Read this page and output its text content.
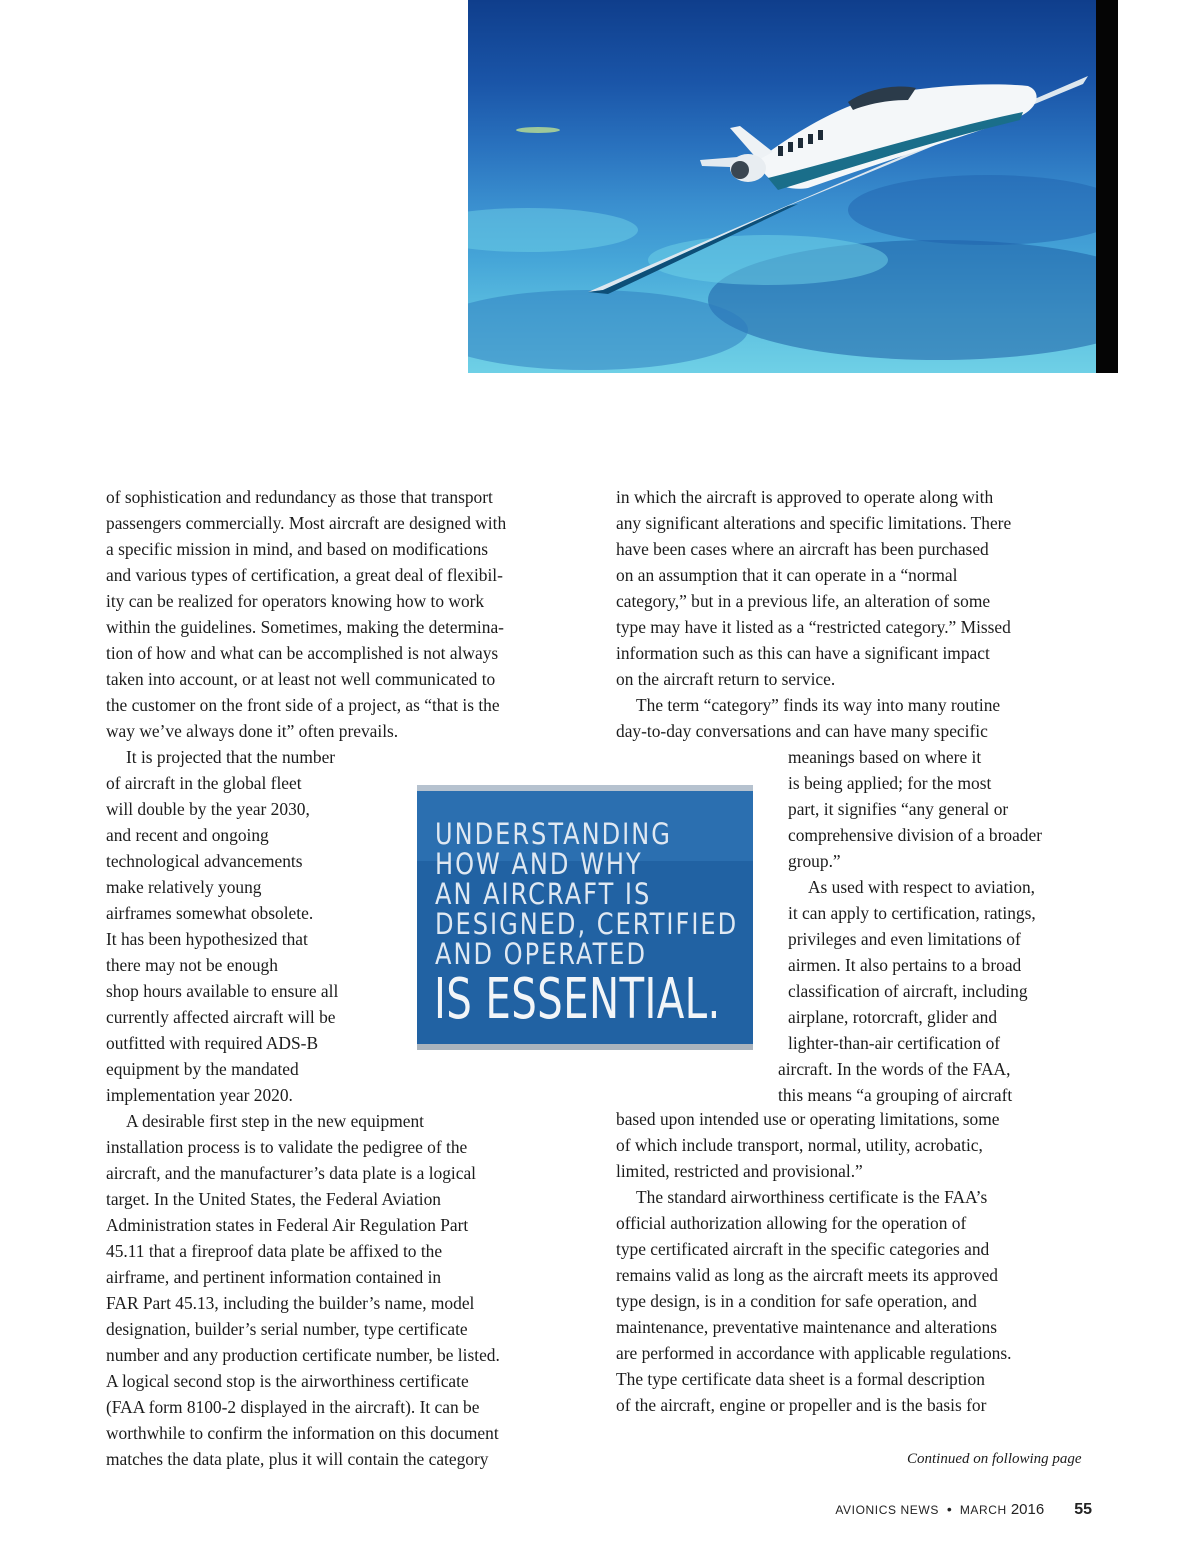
of sophistication and redundancy as those that transport
passengers commercially. Most aircraft are designed with
a specific mission in mind, and based on modifications
and various types of certification, a great deal of flexibil-
ity can be realized for operators knowing how to work
within the guidelines. Sometimes, making the determina-
tion of how and what can be accomplished is not always
taken into account, or at least not well communicated to
the customer on the front side of a project, as “that is the
way we’ve always done it” often prevails.

It is projected that the number
of aircraft in the global fleet
will double by the year 2030,
and recent and ongoing
technological advancements
make relatively young
airframes somewhat obsolete.
It has been hypothesized that
there may not be enough
shop hours available to ensure all
currently affected aircraft will be
outfitted with required ADS-B
equipment by the mandated
implementation year 2020.

A desirable first step in the new equipment
installation process is to validate the pedigree of the
aircraft, and the manufacturer’s data plate is a logical
target. In the United States, the Federal Aviation
Administration states in Federal Air Regulation Part
45.11 that a fireproof data plate be affixed to the
airframe, and pertinent information contained in
FAR Part 45.13, including the builder’s name, model
designation, builder’s serial number, type certificate
number and any production certificate number, be listed.
A logical second stop is the airworthiness certificate
(FAA form 8100-2 displayed in the aircraft). It can be
worthwhile to confirm the information on this document
matches the data plate, plus it will contain the category

in which the aircraft is approved to operate along with
any significant alterations and specific limitations. There
have been cases where an aircraft has been purchased
on an assumption that it can operate in a “normal
category,” but in a previous life, an alteration of some
type may have it listed as a “restricted category.” Missed
information such as this can have a significant impact
on the aircraft return to service.

The term “category” finds its way into many routine
day-to-day conversations and can have many specific

meanings based on where it
is being applied; for the most
part, it signifies “any general or
comprehensive division of a broader
group.”
As used with respect to aviation,
it can apply to certification, ratings,
privileges and even limitations of
airmen. It also pertains to a broad
classification of aircraft, including
airplane, rotorcraft, glider and
lighter-than-air certification of
aircraft. In the words of the FAA,
this means “a grouping of aircraft

based upon intended use or operating limitations, some
of which include transport, normal, utility, acrobatic,
limited, restricted and provisional.”

The standard airworthiness certificate is the FAA’s
official authorization allowing for the operation of
type certificated aircraft in the specific categories and
remains valid as long as the aircraft meets its approved
type design, is in a condition for safe operation, and
maintenance, preventative maintenance and alterations
are performed in accordance with applicable regulations.
The type certificate data sheet is a formal description
of the aircraft, engine or propeller and is the basis for

UNDERSTANDING
HOW AND WHY
AN AIRCRAFT IS
DESIGNED, CERTIFIED
AND OPERATED
IS ESSENTIAL.
Continued on following page
AVIONICS NEWS • MARCH 2016 55
